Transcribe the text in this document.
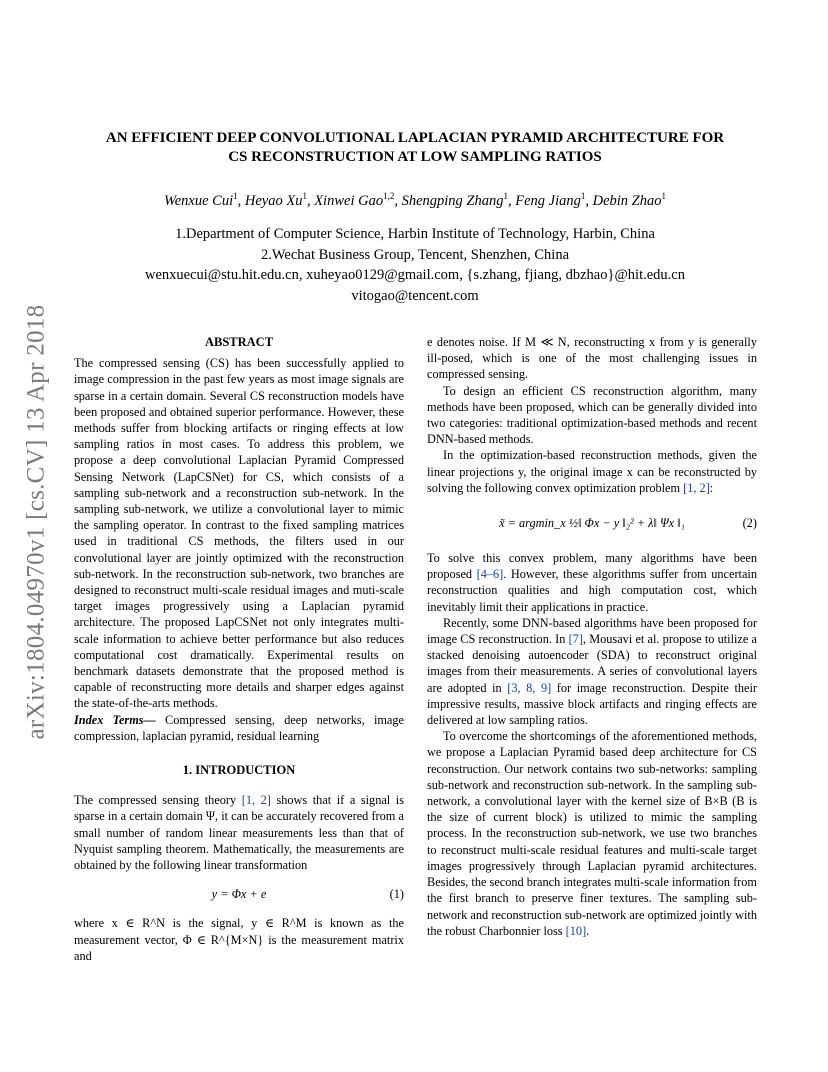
arXiv:1804.04970v1 [cs.CV] 13 Apr 2018
AN EFFICIENT DEEP CONVOLUTIONAL LAPLACIAN PYRAMID ARCHITECTURE FOR
CS RECONSTRUCTION AT LOW SAMPLING RATIOS
Wenxue Cui$^1$, Heyao Xu$^1$, Xinwei Gao$^{1,2}$, Shengping Zhang$^1$, Feng Jiang$^1$, Debin Zhao$^1$
1.Department of Computer Science, Harbin Institute of Technology, Harbin, China
2.Wechat Business Group, Tencent, Shenzhen, China
wenxuecui@stu.hit.edu.cn, xuheyao0129@gmail.com, {s.zhang, fjiang, dbzhao}@hit.edu.cn
vitogao@tencent.com
ABSTRACT

The compressed sensing (CS) has been successfully applied to image compression in the past few years as most image signals are sparse in a certain domain. Several CS reconstruction models have been proposed and obtained superior performance. However, these methods suffer from blocking artifacts or ringing effects at low sampling ratios in most cases. To address this problem, we propose a deep convolutional Laplacian Pyramid Compressed Sensing Network (LapCSNet) for CS, which consists of a sampling sub-network and a reconstruction sub-network. In the sampling sub-network, we utilize a convolutional layer to mimic the sampling operator. In contrast to the fixed sampling matrices used in traditional CS methods, the filters used in our convolutional layer are jointly optimized with the reconstruction sub-network. In the reconstruction sub-network, two branches are designed to reconstruct multi-scale residual images and muti-scale target images progressively using a Laplacian pyramid architecture. The proposed LapCSNet not only integrates multi-scale information to achieve better performance but also reduces computational cost dramatically. Experimental results on benchmark datasets demonstrate that the proposed method is capable of reconstructing more details and sharper edges against the state-of-the-arts methods.

Index Terms— Compressed sensing, deep networks, image compression, laplacian pyramid, residual learning

1. INTRODUCTION

The compressed sensing theory [1, 2] shows that if a signal is sparse in a certain domain Ψ, it can be accurately recovered from a small number of random linear measurements less than that of Nyquist sampling theorem. Mathematically, the measurements are obtained by the following linear transformation

y = Φx + e	(1)

where x ∈ R^N is the signal, y ∈ R^M is known as the measurement vector, Φ ∈ R^{M×N} is the measurement matrix and

e denotes noise. If M ≪ N, reconstructing x from y is generally ill-posed, which is one of the most challenging issues in compressed sensing.

To design an efficient CS reconstruction algorithm, many methods have been proposed, which can be generally divided into two categories: traditional optimization-based methods and recent DNN-based methods.

In the optimization-based reconstruction methods, given the linear projections y, the original image x can be reconstructed by solving the following convex optimization problem [1, 2]:

x̃ = argmin_x ½‖ Φx − y ‖₂² + λ‖ Ψx ‖₁	(2)

To solve this convex problem, many algorithms have been proposed [4–6]. However, these algorithms suffer from uncertain reconstruction qualities and high computation cost, which inevitably limit their applications in practice.

Recently, some DNN-based algorithms have been proposed for image CS reconstruction. In [7], Mousavi et al. propose to utilize a stacked denoising autoencoder (SDA) to reconstruct original images from their measurements. A series of convolutional layers are adopted in [3, 8, 9] for image reconstruction. Despite their impressive results, massive block artifacts and ringing effects are delivered at low sampling ratios.

To overcome the shortcomings of the aforementioned methods, we propose a Laplacian Pyramid based deep architecture for CS reconstruction. Our network contains two sub-networks: sampling sub-network and reconstruction sub-network. In the sampling sub-network, a convolutional layer with the kernel size of B×B (B is the size of current block) is utilized to mimic the sampling process. In the reconstruction sub-network, we use two branches to reconstruct multi-scale residual features and multi-scale target images progressively through Laplacian pyramid architectures. Besides, the second branch integrates multi-scale information from the first branch to preserve finer textures. The sampling sub-network and reconstruction sub-network are optimized jointly with the robust Charbonnier loss [10].
